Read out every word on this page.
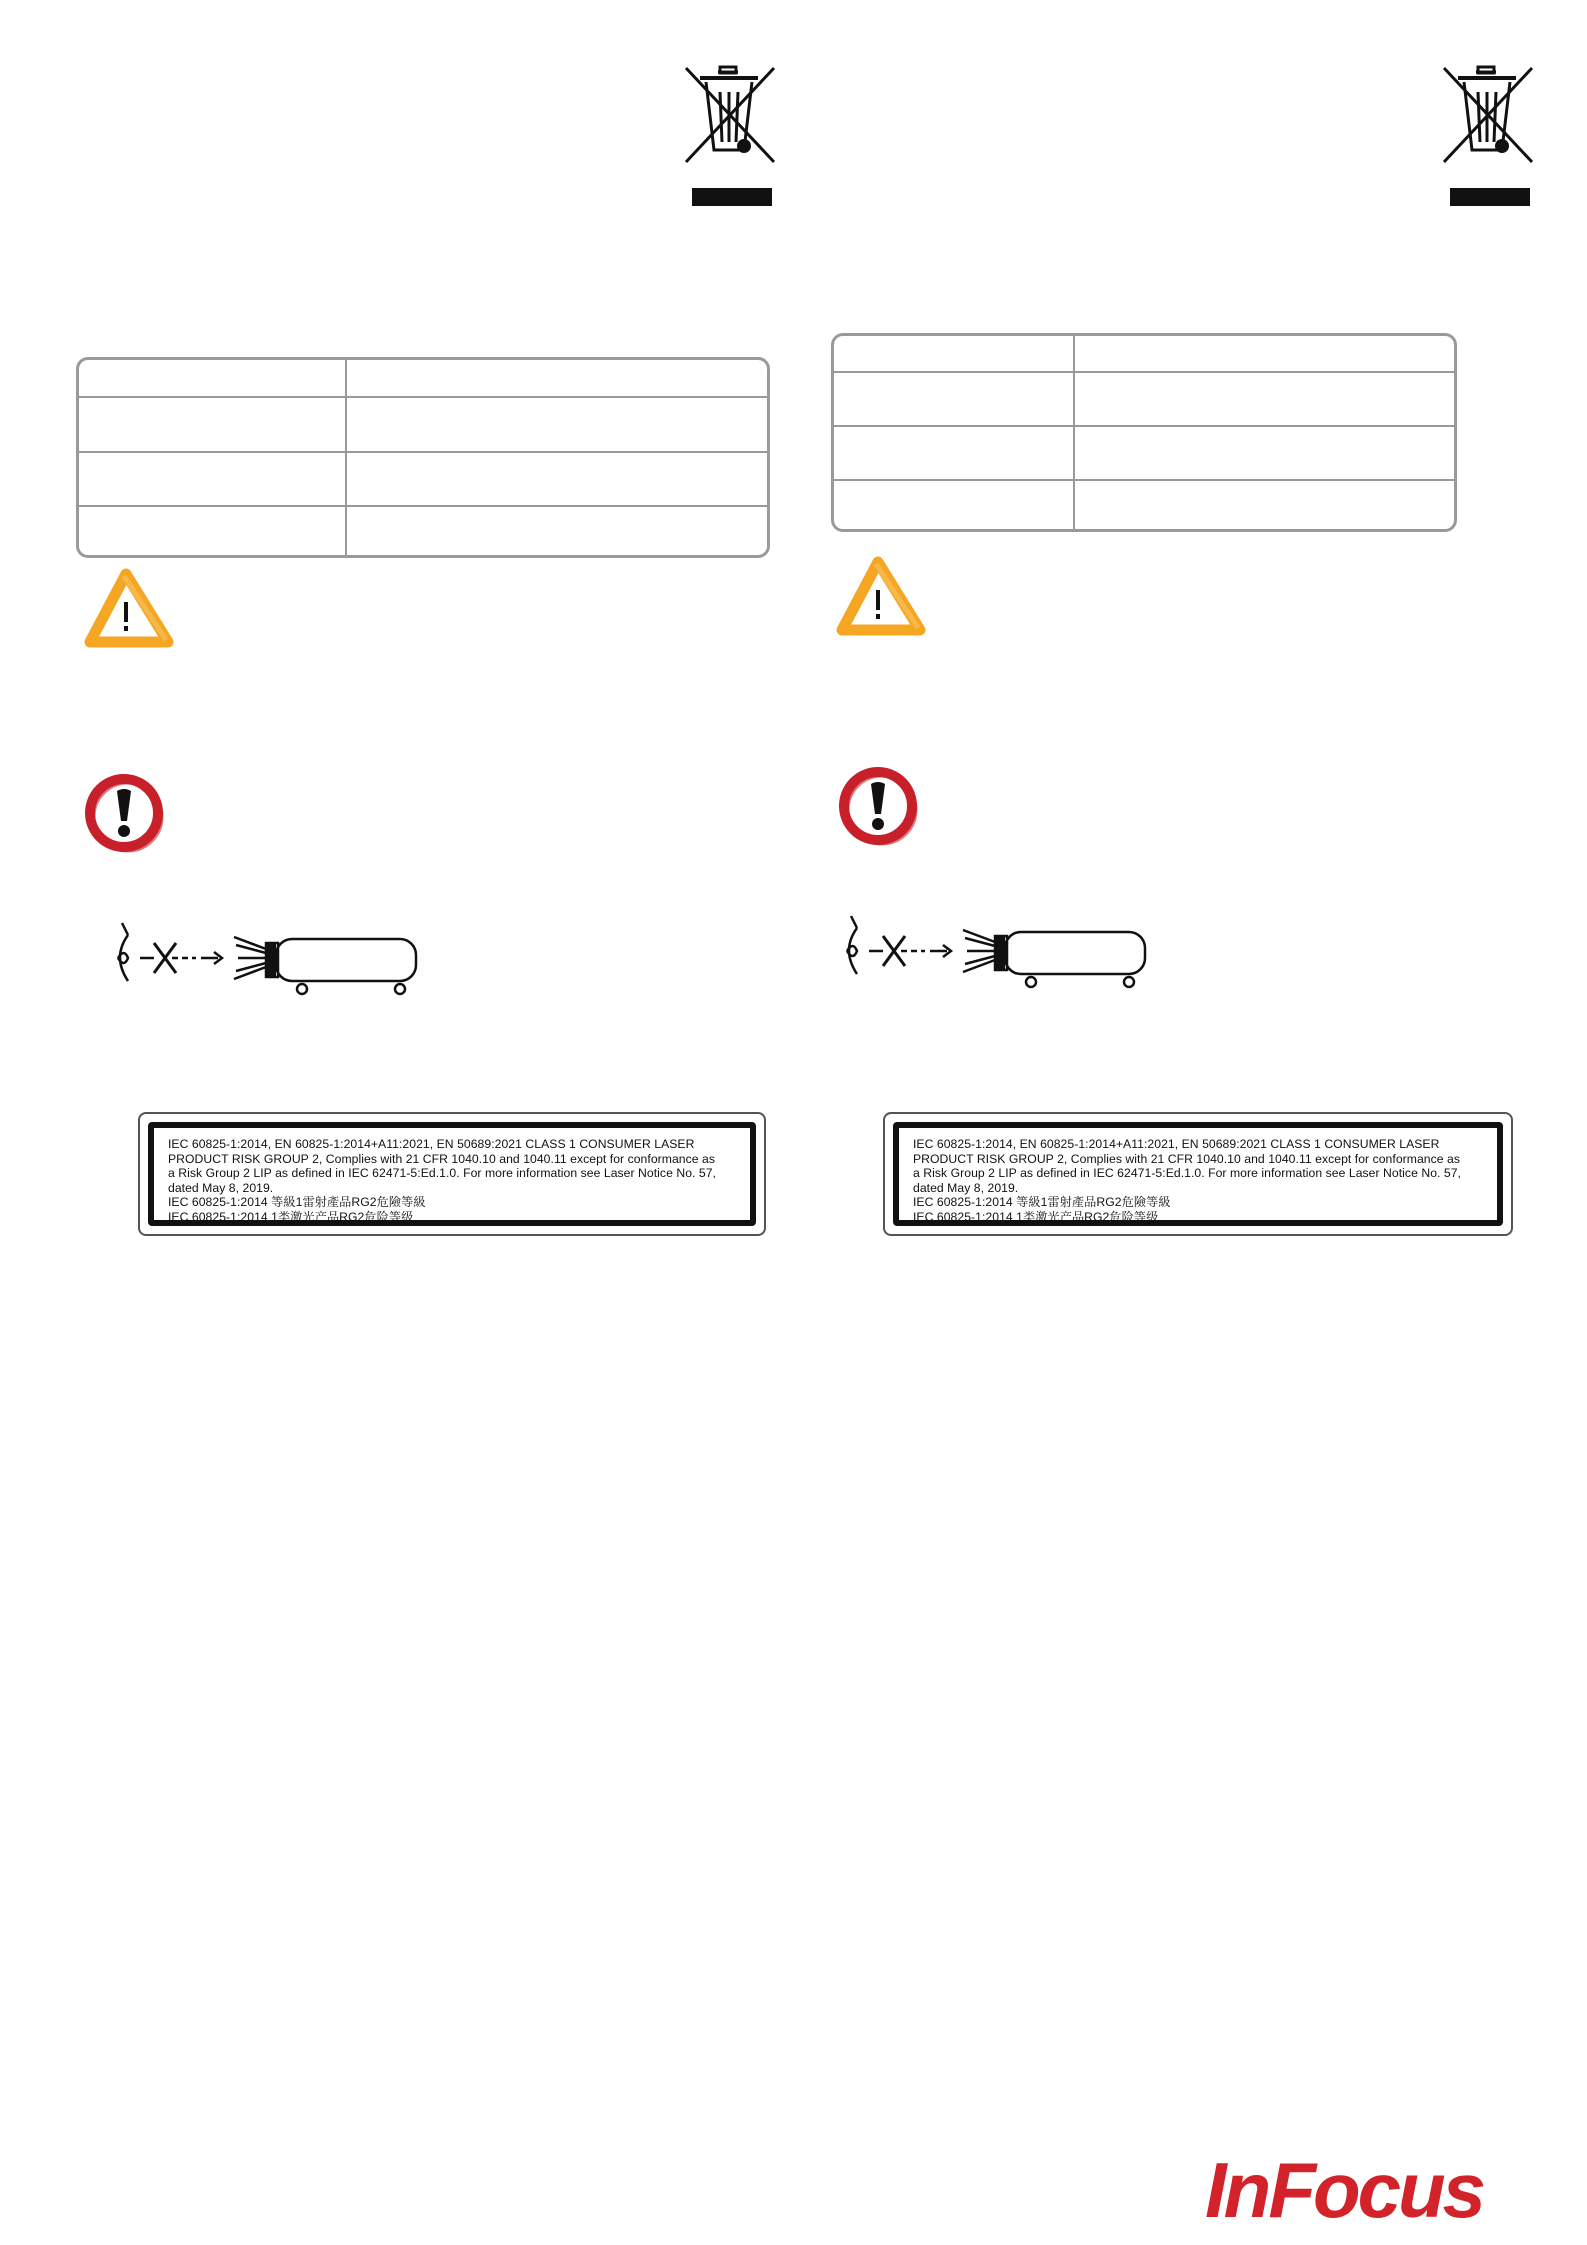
IEC 60825-1:2014, EN 60825-1:2014+A11:2021, EN 50689:2021 CLASS 1 CONSUMER LASER

PRODUCT RISK GROUP 2, Complies with 21 CFR 1040.10 and 1040.11 except for conformance as

a Risk Group 2 LIP as defined in IEC 62471-5:Ed.1.0. For more information see Laser Notice No. 57,

dated May 8, 2019.

IEC 60825-1:2014 等級1雷射產品RG2危險等級

IEC 60825-1:2014 1类激光产品RG2危险等级

IEC 60825-1:2014, EN 60825-1:2014+A11:2021, EN 50689:2021 CLASS 1 CONSUMER LASER

PRODUCT RISK GROUP 2, Complies with 21 CFR 1040.10 and 1040.11 except for conformance as

a Risk Group 2 LIP as defined in IEC 62471-5:Ed.1.0. For more information see Laser Notice No. 57,

dated May 8, 2019.

IEC 60825-1:2014 等級1雷射產品RG2危險等級

IEC 60825-1:2014 1类激光产品RG2危险等级

InFocus
